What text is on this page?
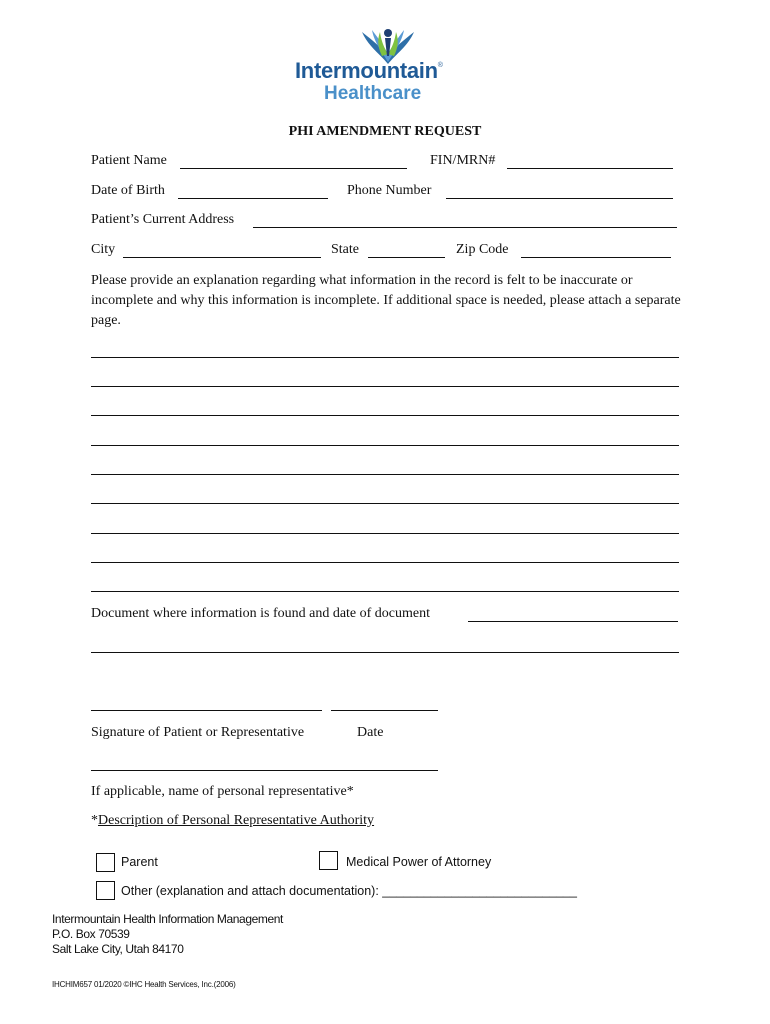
Intermountain®
Healthcare
PHI AMENDMENT REQUEST
Patient Name	FIN/MRN#
Date of Birth	Phone Number
Patient’s Current Address
City	State	Zip Code
Please provide an explanation regarding what information in the record is felt to be inaccurate or incomplete and why this information is incomplete. If additional space is needed, please attach a separate page.
Document where information is found and date of document
Signature of Patient or Representative	Date
If applicable, name of personal representative*
*Description of Personal Representative Authority
Parent	Medical Power of Attorney
Other (explanation and attach documentation): ____________________________
Intermountain Health Information Management
P.O. Box 70539
Salt Lake City, Utah 84170
IHCHIM657 01/2020 ©IHC Health Services, Inc.(2006)
